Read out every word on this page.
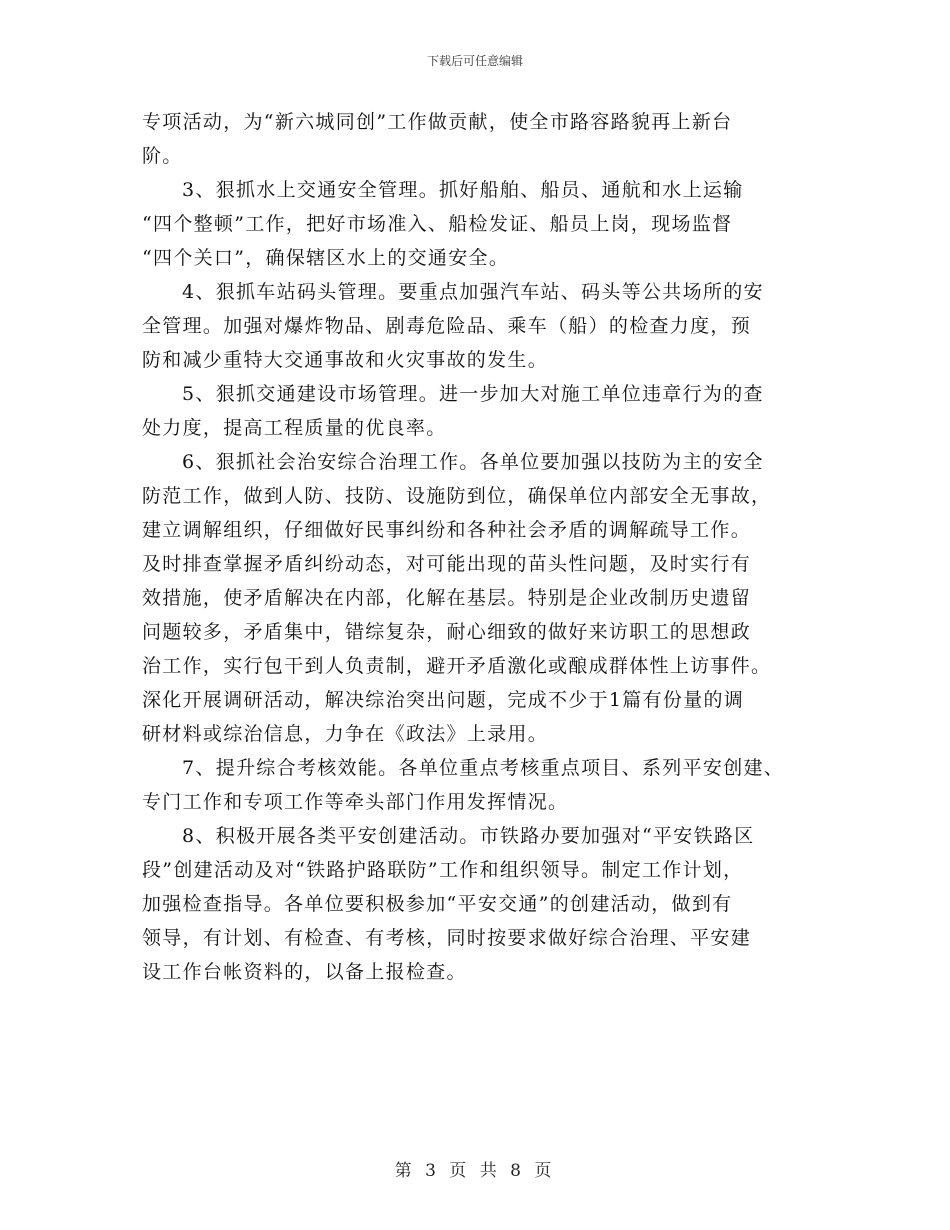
下载后可任意编辑
专项活动，为“新六城同创”工作做贡献，使全市路容路貌再上新台
阶。
3、狠抓水上交通安全管理。抓好船舶、船员、通航和水上运输
“四个整顿”工作，把好市场准入、船检发证、船员上岗，现场监督
“四个关口”，确保辖区水上的交通安全。
4、狠抓车站码头管理。要重点加强汽车站、码头等公共场所的安
全管理。加强对爆炸物品、剧毒危险品、乘车（船）的检查力度，预
防和减少重特大交通事故和火灾事故的发生。
5、狠抓交通建设市场管理。进一步加大对施工单位违章行为的查
处力度，提高工程质量的优良率。
6、狠抓社会治安综合治理工作。各单位要加强以技防为主的安全
防范工作，做到人防、技防、设施防到位，确保单位内部安全无事故，
建立调解组织，仔细做好民事纠纷和各种社会矛盾的调解疏导工作。
及时排查掌握矛盾纠纷动态，对可能出现的苗头性问题，及时实行有
效措施，使矛盾解决在内部，化解在基层。特别是企业改制历史遗留
问题较多，矛盾集中，错综复杂，耐心细致的做好来访职工的思想政
治工作，实行包干到人负责制，避开矛盾激化或酿成群体性上访事件。
深化开展调研活动，解决综治突出问题，完成不少于1篇有份量的调
研材料或综治信息，力争在《政法》上录用。
7、提升综合考核效能。各单位重点考核重点项目、系列平安创建、
专门工作和专项工作等牵头部门作用发挥情况。
8、积极开展各类平安创建活动。市铁路办要加强对“平安铁路区
段”创建活动及对“铁路护路联防”工作和组织领导。制定工作计划，
加强检查指导。各单位要积极参加“平安交通”的创建活动，做到有
领导，有计划、有检查、有考核，同时按要求做好综合治理、平安建
设工作台帐资料的，以备上报检查。
第 3 页 共 8 页
